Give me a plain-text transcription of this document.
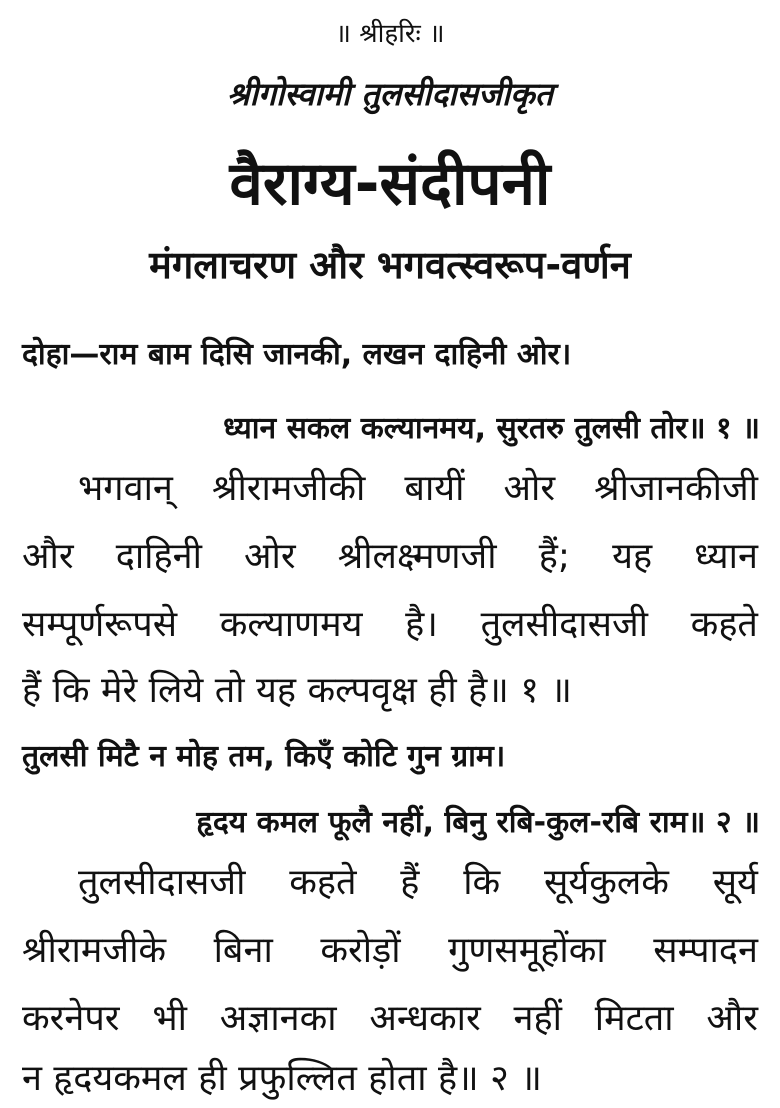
॥ श्रीहरिः ॥
श्रीगोस्वामी तुलसीदासजीकृत
वैराग्य-संदीपनी
मंगलाचरण और भगवत्स्वरूप-वर्णन
दोहा—राम बाम दिसि जानकी, लखन दाहिनी ओर।
ध्यान सकल कल्यानमय, सुरतरु तुलसी तोर॥ १ ॥
भगवान् श्रीरामजीकी बायीं ओर श्रीजानकीजी
और दाहिनी ओर श्रीलक्ष्मणजी हैं; यह ध्यान
सम्पूर्णरूपसे कल्याणमय है। तुलसीदासजी कहते
हैं कि मेरे लिये तो यह कल्पवृक्ष ही है॥ १ ॥
तुलसी मिटै न मोह तम, किएँ कोटि गुन ग्राम।
हृदय कमल फूलै नहीं, बिनु रबि-कुल-रबि राम॥ २ ॥
तुलसीदासजी कहते हैं कि सूर्यकुलके सूर्य
श्रीरामजीके बिना करोड़ों गुणसमूहोंका सम्पादन
करनेपर भी अज्ञानका अन्धकार नहीं मिटता और
न हृदयकमल ही प्रफुल्लित होता है॥ २ ॥
